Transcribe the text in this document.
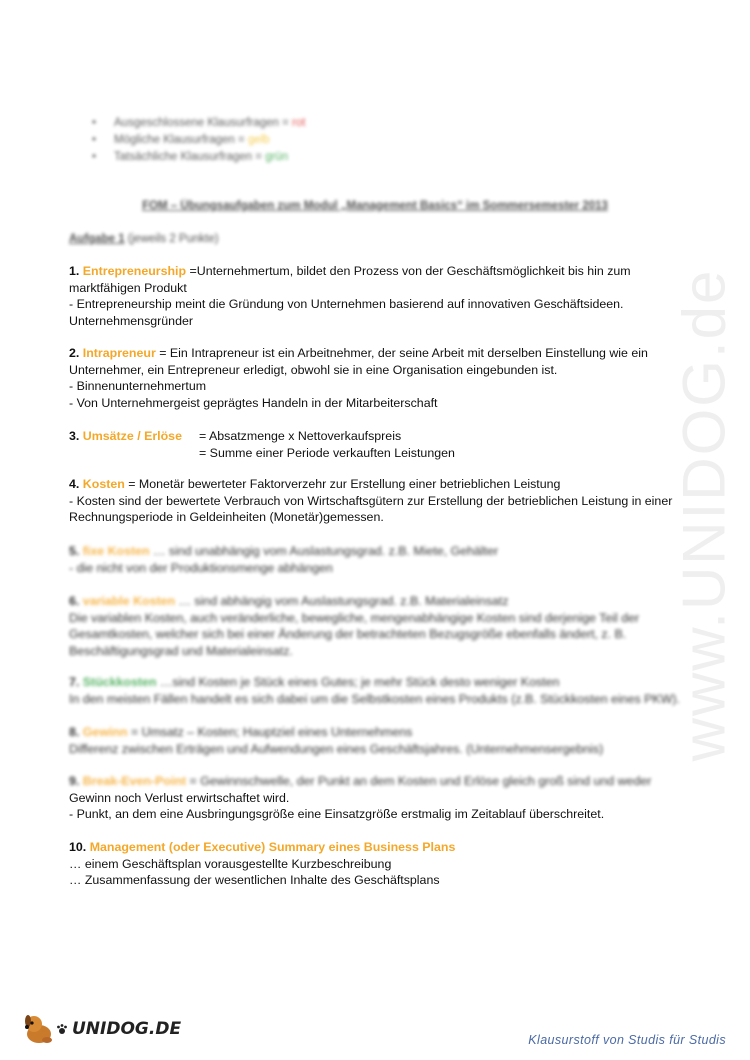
www.UNIDOG.de
• Ausgeschlossene Klausurfragen = rot
• Mögliche Klausurfragen = gelb
• Tatsächliche Klausurfragen = grün
FOM – Übungsaufgaben zum Modul „Management Basics“ im Sommersemester 2013
Aufgabe 1 (jeweils 2 Punkte)
1. Entrepreneurship =Unternehmertum, bildet den Prozess von der Geschäftsmöglichkeit bis hin zum
marktfähigen Produkt
- Entrepreneurship meint die Gründung von Unternehmen basierend auf innovativen Geschäftsideen.
Unternehmensgründer
2. Intrapreneur = Ein Intrapreneur ist ein Arbeitnehmer, der seine Arbeit mit derselben Einstellung wie ein
Unternehmer, ein Entrepreneur erledigt, obwohl sie in eine Organisation eingebunden ist.
- Binnenunternehmertum
- Von Unternehmergeist geprägtes Handeln in der Mitarbeiterschaft
3. Umsätze / Erlöse	= Absatzmenge x Nettoverkaufspreis
= Summe einer Periode verkauften Leistungen
4. Kosten = Monetär bewerteter Faktorverzehr zur Erstellung einer betrieblichen Leistung
- Kosten sind der bewertete Verbrauch von Wirtschaftsgütern zur Erstellung der betrieblichen Leistung in einer
Rechnungsperiode in Geldeinheiten (Monetär)gemessen.
5. fixe Kosten … sind unabhängig vom Auslastungsgrad. z.B. Miete, Gehälter
- die nicht von der Produktionsmenge abhängen
6. variable Kosten … sind abhängig vom Auslastungsgrad. z.B. Materialeinsatz
Die variablen Kosten, auch veränderliche, bewegliche, mengenabhängige Kosten sind derjenige Teil der
Gesamtkosten, welcher sich bei einer Änderung der betrachteten Bezugsgröße ebenfalls ändert, z. B.
Beschäftigungsgrad und Materialeinsatz.
7. Stückkosten …sind Kosten je Stück eines Gutes; je mehr Stück desto weniger Kosten
In den meisten Fällen handelt es sich dabei um die Selbstkosten eines Produkts (z.B. Stückkosten eines PKW).
8. Gewinn = Umsatz – Kosten; Hauptziel eines Unternehmens
Differenz zwischen Erträgen und Aufwendungen eines Geschäftsjahres. (Unternehmensergebnis)
9. Break-Even-Point = Gewinnschwelle, der Punkt an dem Kosten und Erlöse gleich groß sind und weder
Gewinn noch Verlust erwirtschaftet wird.
- Punkt, an dem eine Ausbringungsgröße eine Einsatzgröße erstmalig im Zeitablauf überschreitet.
10. Management (oder Executive) Summary eines Business Plans
… einem Geschäftsplan vorausgestellte Kurzbeschreibung
… Zusammenfassung der wesentlichen Inhalte des Geschäftsplans
UNIDOG.DE
Klausurstoff von Studis für Studis
